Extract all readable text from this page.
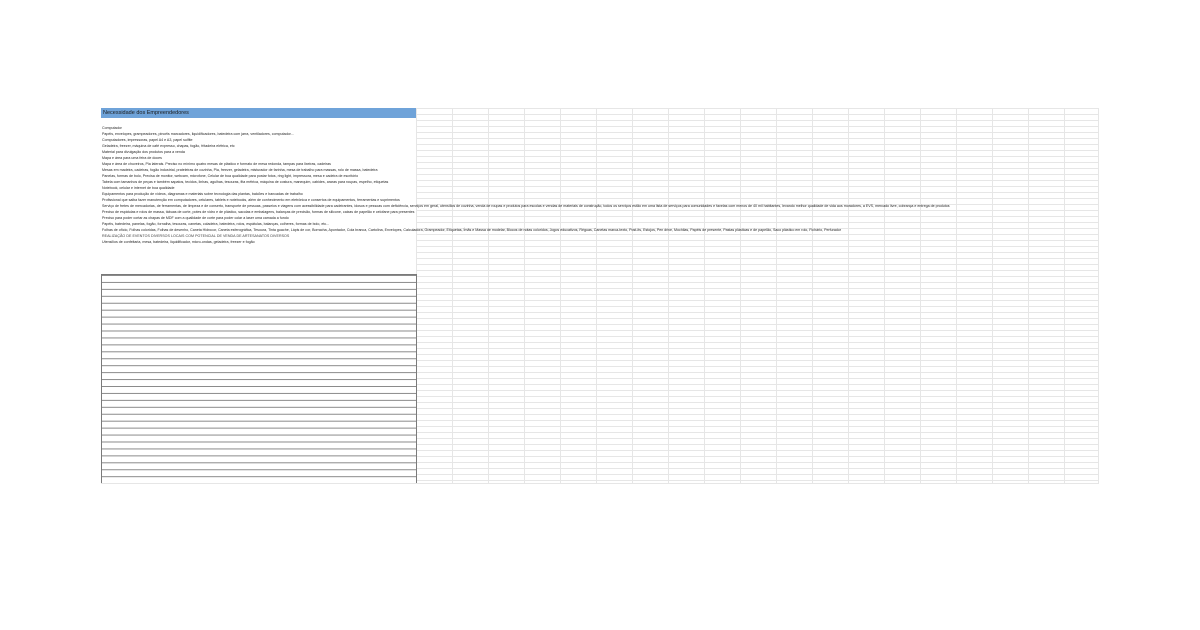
Necessidade dos Empreendedores
Computador
Papéis, envelopes, grampeadores, pincéis marcadores, liquidificadores, batedeira com jarra, ventiladores, computador...
Computadores, impressoras, papel A4 e A3, papel sulfite
Geladeira, freezer, máquina de café expresso, chapas, fogão, fritadeira elétrica, etc
Material para divulgação dos produtos para a venda
Mapa e área para uma feira de doces
Mapa e área de chuveiros, Pia laterais. Preciso no mínimo quatro mesas de plástico e formato de mesa redonda, tampas para lixeiras, cadeiras
Mesas em madeira, cadeiras, fogão industrial, prateleiras de cozinha, Pia, freezer, geladeira, misturador de farinha, mesa de trabalho para massas, rolo de massa, batedeira
Panelas, formas de bolo, Precisa de monitor, webcam, microfone, Celular de boa qualidade para postar fotos, ring light, impressora, mesa e cadeira de escritório
Tabela com tamanhos de peças e também sapatos, tecidos, linhas, agulhas, tesouras, fita métrica, máquina de costura, manequim, cabides, araras para roupas, espelho, etiquetas
Notebook, celular e internet de boa qualidade
Equipamentos para produção de vídeos, diagramas e materiais sobre tecnologia das plantas, balcões e bancadas de trabalho
Profissional que saiba fazer manutenção em computadores, celulares, tablets e notebooks, além de conhecimento em eletrônica e consertos de equipamentos, ferramentas e suprimentos
Serviço de fretes de mercadorias, de ferramentas, de limpeza e de conserto, transporte de pessoas, passeios e viagens com acessibilidade para cadeirantes, idosos e pessoas com deficiência, serviços em geral, utensílios de cozinha, venda de roupas e produtos para escolas e vendas de materiais de construção, todos os serviços estão em uma lista de serviços para comunidades e favelas com menos de 40 mil habitantes, levando melhor qualidade de vida aos moradores, a EVS, mercado livre, cobrança e entrega de produtos
Preciso de espátulas e rolos de massa, tábuas de corte, potes de vidro e de plástico, sacolas e embalagens, balanças de precisão, formas de silicone, caixas de papelão e celofane para presentes
Preciso para poder cortar as chapas de MDF com a qualidade de corte para poder colar a laser uma camada a fundo
Papéis, batedeira, panelas, fogão, fornalha, tesouras, canetas, coladeira, batedeira, rolos, espátulas, balanças, colheres, formas de bolo, etc...
Folhas de ofício, Folhas coloridas, Folhas de desenho, Caneta Hidrocor, Caneta esferográfica, Tesoura, Tinta guache, Lápis de cor, Borracha, Apontador, Cola branca, Cartolina, Envelopes, Calculadora, Grampeador, Etiquetas, Ímãs e Massa de modelar, Blocos de notas coloridos, Jogos educativos, Réguas, Canetas marca-texto, Post-its, Estojos, Pen drive, Mochilas, Papéis de presente, Pastas plásticas e de papelão, Saco plástico em rolo, Fichário, Perfurador
REALIZAÇÃO DE EVENTOS DIVERSOS LOCAIS COM POTENCIAL DE VENDA DE ARTESANATOS DIVERSOS
Utensílios de confeitaria, mesa, batedeira, liquidificador, micro-ondas, geladeira, freezer e fogão
